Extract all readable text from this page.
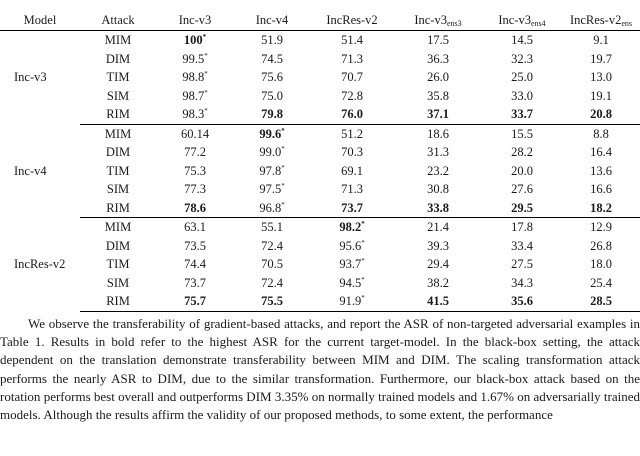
Model	Attack	Inc-v3	Inc-v4	IncRes-v2	Inc-$v3_{ens3}$	Inc-$v3_{ens4}$	IncRes-$v2_{ens}$
Inc-v3	MIM	100*	51.9	51.4	17.5	14.5	9.1
	DIM	99.5*	74.5	71.3	36.3	32.3	19.7
	TIM	98.8*	75.6	70.7	26.0	25.0	13.0
	SIM	98.7*	75.0	72.8	35.8	33.0	19.1
	RIM	98.3*	79.8	76.0	37.1	33.7	20.8
Inc-v4	MIM	60.14	99.6*	51.2	18.6	15.5	8.8
	DIM	77.2	99.0*	70.3	31.3	28.2	16.4
	TIM	75.3	97.8*	69.1	23.2	20.0	13.6
	SIM	77.3	97.5*	71.3	30.8	27.6	16.6
	RIM	78.6	96.8*	73.7	33.8	29.5	18.2
IncRes-v2	MIM	63.1	55.1	98.2*	21.4	17.8	12.9
	DIM	73.5	72.4	95.6*	39.3	33.4	26.8
	TIM	74.4	70.5	93.7*	29.4	27.5	18.0
	SIM	73.7	72.4	94.5*	38.2	34.3	25.4
	RIM	75.7	75.5	91.9*	41.5	35.6	28.5

We observe the transferability of gradient-based attacks, and report the ASR of non-targeted adversarial examples in Table 1. Results in bold refer to the highest ASR for the current target-model. In the black-box setting, the attack dependent on the translation demonstrate transferability between MIM and DIM. The scaling transformation attack performs the nearly ASR to DIM, due to the similar transformation. Furthermore, our black-box attack based on the rotation performs best overall and outperforms DIM 3.35% on normally trained models and 1.67% on adversarially trained models. Although the results affirm the validity of our proposed methods, to some extent, the performance
